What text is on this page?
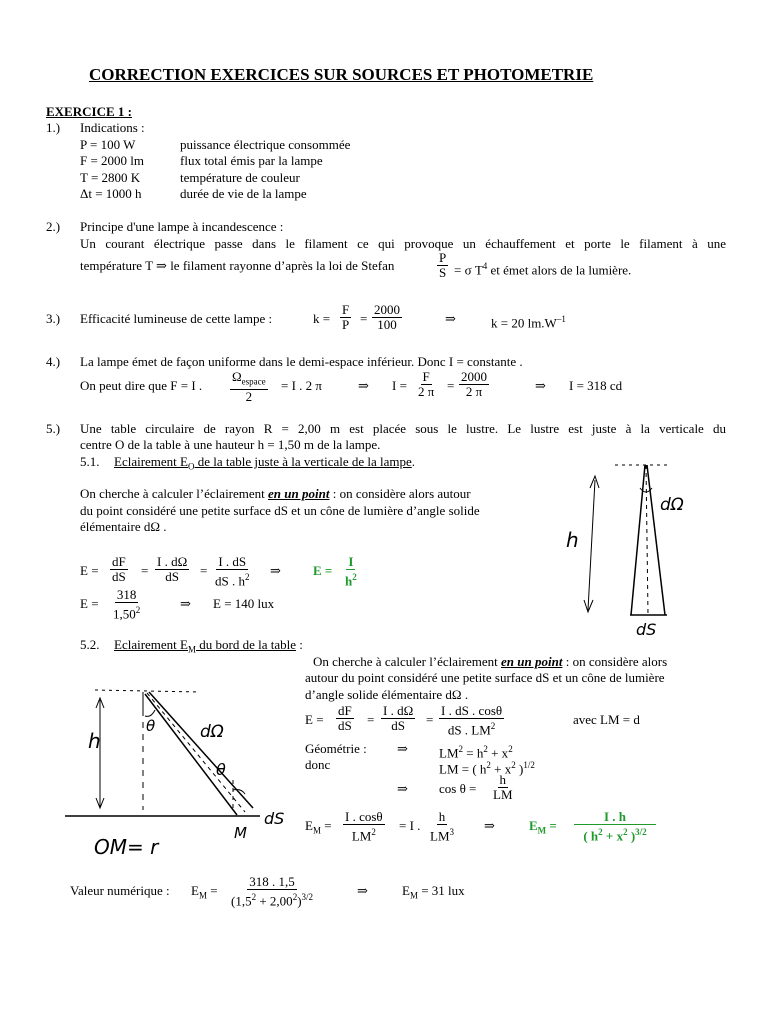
CORRECTION EXERCICES SUR SOURCES ET PHOTOMETRIE
EXERCICE 1 :
1.) Indications :
P = 100 W	puissance électrique consommée
F = 2000 lm	flux total émis par la lampe
T = 2800 K	température de couleur
Δt = 1000 h	durée de vie de la lampe
2.) Principe d'une lampe à incandescence :
Un courant électrique passe dans le filament ce qui provoque un échauffement et porte le filament à une
température T ⇒ le filament rayonne d’après la loi de Stefan	$\frac{P}{S} = \sigma$ $T^4$ et émet alors de la lumière.
3.) Efficacité lumineuse de cette lampe :	$k = \frac{F}{P} = \frac{2000}{100}$	⇒	k = 20 $lm.W^{-1}$
4.) La lampe émet de façon uniforme dans le demi-espace inférieur. Donc I = constante .
On peut dire que F = I .
$\Omega_{espace}$
2
= I . 2 π	⇒ $I = \frac{F}{2 \pi} = \frac{2000}{2 \pi}$	⇒ I = 318 cd
5.) Une table circulaire de rayon R = 2,00 m est placée sous le lustre. Le lustre est juste à la verticale du
centre O de la table à une hauteur h = 1,50 m de la lampe.
5.1. Eclairement $E_O$ de la table juste à la verticale de la lampe.
On cherche à calculer l’éclairement en un point : on considère alors autour
du point considéré une petite surface dS et un cône de lumière d’angle solide
élémentaire dΩ .
$E = \frac{dF}{dS} = \frac{I . d\Omega}{dS} = \frac{I . dS}{dS . h^2}$ ⇒ $E = \frac{I}{h^2}$
$E = \frac{318}{1,50^2}$	⇒ E = 140 lux
h
dΩ
dS
5.2. Eclairement $E_M$ du bord de la table :
On cherche à calculer l’éclairement en un point : on considère alors
autour du point considéré une petite surface dS et un cône de lumière
d’angle solide élémentaire dΩ .
$E = \frac{dF}{dS} = \frac{I . d\Omega}{dS} = \frac{I . dS . \cos\theta}{dS . LM^2}$	avec LM = d
Géométrie : ⇒ $LM^2 = h^2 + x^2$
donc	LM = ( $h^2 + x^2$ )$^{1/2}$
⇒ $\cos \theta = \frac{h}{LM}$
$E_M = \frac{I . \cos\theta}{LM^2} = I$ . $\frac{h}{LM^3}$ ⇒	$E_M = \frac{I . h}{( h^2 + x^2 )^{3/2}}$
h
θ	dΩ
θ
dS
M
OM= r
Valeur numérique : $E_M = \frac{318 . 1,5}{(1,5^2 + 2,00^2)^{3/2}}$	⇒	$E_M = 31$ lux
